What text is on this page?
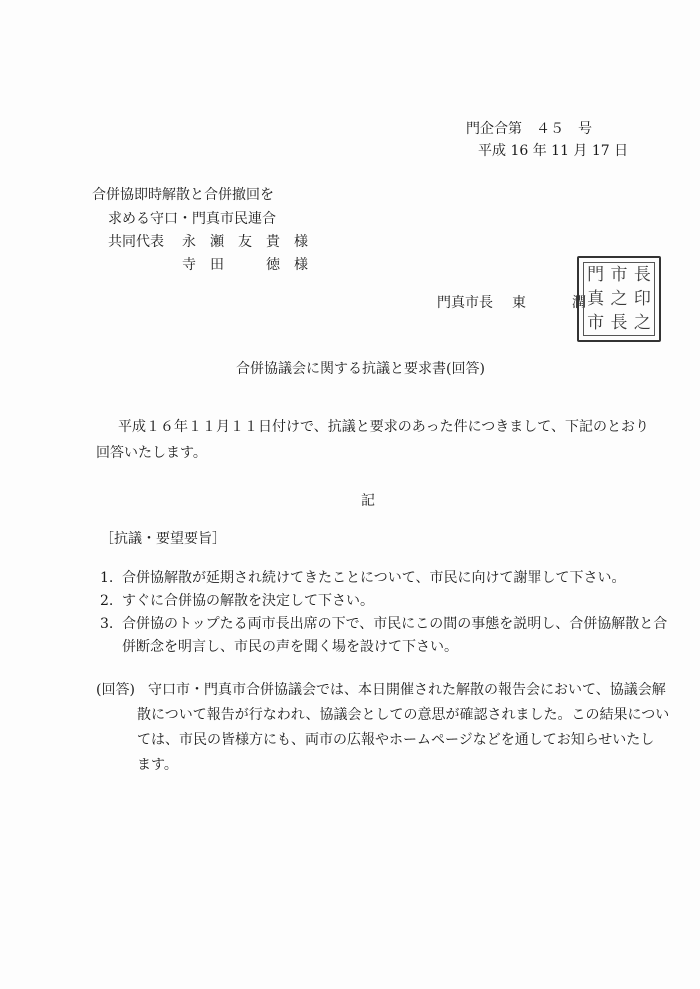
門企合第　４５　号
平成 16 年 11 月 17 日
合併協即時解散と合併撤回を
求める守口・門真市民連合
共同代表 永　瀬　友　貴 様
寺　田　　　徳 様
門真市長 東	潤
門 市 長
真 之 印
市 長 之
合併協議会に関する抗議と要求書(回答)
平成１６年１１月１１日付けで、抗議と要求のあった件につきまして、下記のとおり
回答いたします。
記
［抗議・要望要旨］
1. 合併協解散が延期され続けてきたことについて、市民に向けて謝罪して下さい。
2. すぐに合併協の解散を決定して下さい。
3. 合併協のトップたる両市長出席の下で、市民にこの間の事態を説明し、合併協解散と合
併断念を明言し、市民の声を聞く場を設けて下さい。
(回答) 守口市・門真市合併協議会では、本日開催された解散の報告会において、協議会解
散について報告が行なわれ、協議会としての意思が確認されました。この結果につい
ては、市民の皆様方にも、両市の広報やホームページなどを通してお知らせいたし
ます。
